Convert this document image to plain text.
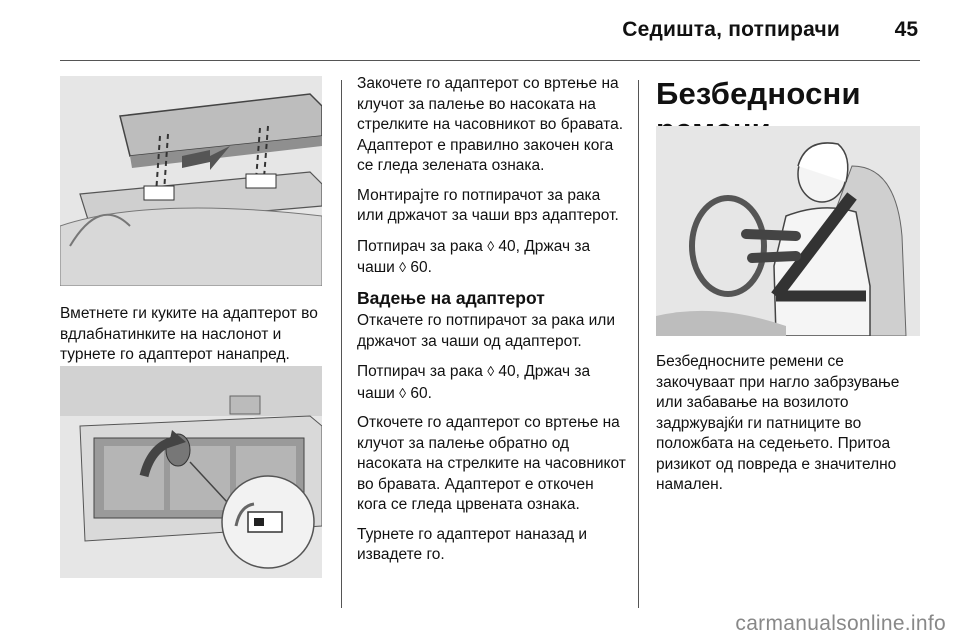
Седишта, потпирачи	45
Вметнете ги куките на адаптерот во вдлабнатинките на наслонот и турнете го адаптерот нанапред.

Закочете го адаптерот со вртење на клучот за палење во насоката на стрелките на часовникот во бравата. Адаптерот е правилно закочен кога се гледа зелената ознака.

Монтирајте го потпирачот за рака или држачот за чаши врз адаптерот.

Потпирач за рака ◊ 40, Држач за чаши ◊ 60.

Вадење на адаптерот

Откачете го потпирачот за рака или држачот за чаши од адаптерот.

Потпирач за рака ◊ 40, Држач за чаши ◊ 60.

Откочете го адаптерот со вртење на клучот за палење обратно од насоката на стрелките на часовникот во бравата. Адаптерот е откочен кога се гледа црвената ознака.

Турнете го адаптерот наназад и извадете го.

Безбедносни

Безбедносните ремени се закочуваат при нагло забрзување или забавање на возилото задржувајќи ги патниците во положбата на седењето. Притоа ризикот од повреда е значително намален.

carmanualsonline.info
